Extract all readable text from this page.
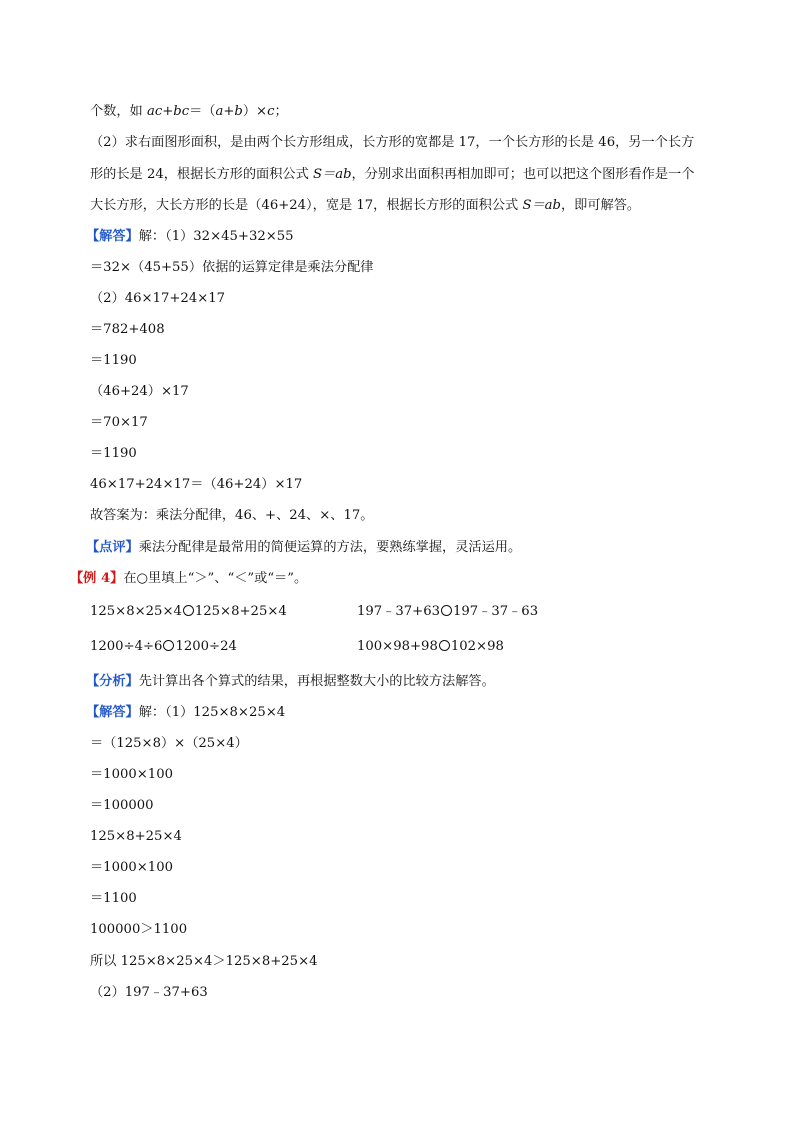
个数，如 ac+bc＝（a+b）×c；
（2）求右面图形面积，是由两个长方形组成，长方形的宽都是 17，一个长方形的长是 46，另一个长方
形的长是 24，根据长方形的面积公式 S＝ab，分别求出面积再相加即可；也可以把这个图形看作是一个
大长方形，大长方形的长是（46+24），宽是 17，根据长方形的面积公式 S＝ab，即可解答。
【解答】解：（1）32×45+32×55
＝32×（45+55）依据的运算定律是乘法分配律
（2）46×17+24×17
＝782+408
＝1190
（46+24）×17
＝70×17
＝1190
46×17+24×17＝（46+24）×17
故答案为：乘法分配律，46、+、24、×、17。
【点评】乘法分配律是最常用的简便运算的方法，要熟练掌握，灵活运用。
【例 4】在○里填上“＞”、“＜”或“＝”。
125×8×25×4 125×8+25×4	197﹣37+63 197﹣37﹣63
1200÷4÷6 1200÷24	100×98+98 102×98
【分析】先计算出各个算式的结果，再根据整数大小的比较方法解答。
【解答】解：（1）125×8×25×4
＝（125×8）×（25×4）
＝1000×100
＝100000
125×8+25×4
＝1000×100
＝1100
100000＞1100
所以 125×8×25×4＞125×8+25×4
（2）197﹣37+63
